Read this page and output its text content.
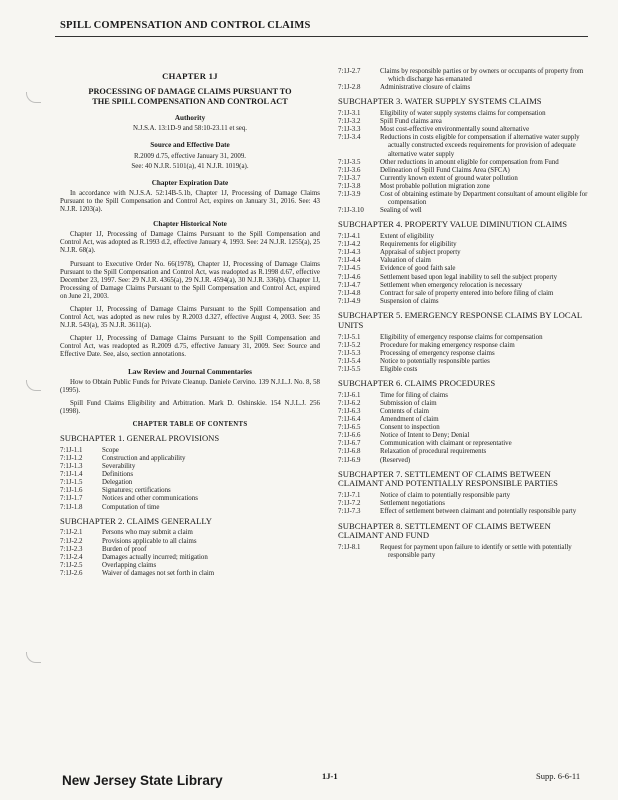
SPILL COMPENSATION AND CONTROL CLAIMS
CHAPTER 1J
PROCESSING OF DAMAGE CLAIMS PURSUANT TO
THE SPILL COMPENSATION AND CONTROL ACT
Authority
N.J.S.A. 13:1D-9 and 58:10-23.11 et seq.
Source and Effective Date
R.2009 d.75, effective January 31, 2009.
See: 40 N.J.R. 5101(a), 41 N.J.R. 1019(a).
Chapter Expiration Date
In accordance with N.J.S.A. 52:14B-5.1b, Chapter 1J, Processing of Damage Claims Pursuant to the Spill Compensation and Control Act, expires on January 31, 2016. See: 43 N.J.R. 1203(a).
Chapter Historical Note
Chapter 1J, Processing of Damage Claims Pursuant to the Spill Compensation and Control Act, was adopted as R.1993 d.2, effective January 4, 1993. See: 24 N.J.R. 1255(a), 25 N.J.R. 68(a).
Pursuant to Executive Order No. 66(1978), Chapter 1J, Processing of Damage Claims Pursuant to the Spill Compensation and Control Act, was readopted as R.1998 d.67, effective December 23, 1997. See: 29 N.J.R. 4365(a), 29 N.J.R. 4594(a), 30 N.J.R. 336(b). Chapter 1J, Processing of Damage Claims Pursuant to the Spill Compensation and Control Act, expired on June 21, 2003.
Chapter 1J, Processing of Damage Claims Pursuant to the Spill Compensation and Control Act, was adopted as new rules by R.2003 d.327, effective August 4, 2003. See: 35 N.J.R. 543(a), 35 N.J.R. 3611(a).
Chapter 1J, Processing of Damage Claims Pursuant to the Spill Compensation and Control Act, was readopted as R.2009 d.75, effective January 31, 2009. See: Source and Effective Date. See, also, section annotations.
Law Review and Journal Commentaries
How to Obtain Public Funds for Private Cleanup. Daniele Cervino. 139 N.J.L.J. No. 8, 58 (1995).
Spill Fund Claims Eligibility and Arbitration. Mark D. Oshinskie. 154 N.J.L.J. 256 (1998).
CHAPTER TABLE OF CONTENTS
SUBCHAPTER 1. GENERAL PROVISIONS
7:1J-1.1	Scope
7:1J-1.2	Construction and applicability
7:1J-1.3	Severability
7:1J-1.4	Definitions
7:1J-1.5	Delegation
7:1J-1.6	Signatures; certifications
7:1J-1.7	Notices and other communications
7:1J-1.8	Computation of time
SUBCHAPTER 2. CLAIMS GENERALLY
7:1J-2.1	Persons who may submit a claim
7:1J-2.2	Provisions applicable to all claims
7:1J-2.3	Burden of proof
7:1J-2.4	Damages actually incurred; mitigation
7:1J-2.5	Overlapping claims
7:1J-2.6	Waiver of damages not set forth in claim
7:1J-2.7	Claims by responsible parties or by owners or occupants of property from which discharge has emanated
7:1J-2.8	Administrative closure of claims
SUBCHAPTER 3. WATER SUPPLY SYSTEMS CLAIMS
7:1J-3.1	Eligibility of water supply systems claims for compensation
7:1J-3.2	Spill Fund claims area
7:1J-3.3	Most cost-effective environmentally sound alternative
7:1J-3.4	Reductions in costs eligible for compensation if alternative water supply actually constructed exceeds requirements for provision of adequate alternative water supply
7:1J-3.5	Other reductions in amount eligible for compensation from Fund
7:1J-3.6	Delineation of Spill Fund Claims Area (SFCA)
7:1J-3.7	Currently known extent of ground water pollution
7:1J-3.8	Most probable pollution migration zone
7:1J-3.9	Cost of obtaining estimate by Department consultant of amount eligible for compensation
7:1J-3.10	Sealing of well
SUBCHAPTER 4. PROPERTY VALUE DIMINUTION CLAIMS
7:1J-4.1	Extent of eligibility
7:1J-4.2	Requirements for eligibility
7:1J-4.3	Appraisal of subject property
7:1J-4.4	Valuation of claim
7:1J-4.5	Evidence of good faith sale
7:1J-4.6	Settlement based upon legal inability to sell the subject property
7:1J-4.7	Settlement when emergency relocation is necessary
7:1J-4.8	Contract for sale of property entered into before filing of claim
7:1J-4.9	Suspension of claims
SUBCHAPTER 5. EMERGENCY RESPONSE CLAIMS BY LOCAL UNITS
7:1J-5.1	Eligibility of emergency response claims for compensation
7:1J-5.2	Procedure for making emergency response claim
7:1J-5.3	Processing of emergency response claims
7:1J-5.4	Notice to potentially responsible parties
7:1J-5.5	Eligible costs
SUBCHAPTER 6. CLAIMS PROCEDURES
7:1J-6.1	Time for filing of claims
7:1J-6.2	Submission of claim
7:1J-6.3	Contents of claim
7:1J-6.4	Amendment of claim
7:1J-6.5	Consent to inspection
7:1J-6.6	Notice of Intent to Deny; Denial
7:1J-6.7	Communication with claimant or representative
7:1J-6.8	Relaxation of procedural requirements
7:1J-6.9	(Reserved)
SUBCHAPTER 7. SETTLEMENT OF CLAIMS BETWEEN CLAIMANT AND POTENTIALLY RESPONSIBLE PARTIES
7:1J-7.1	Notice of claim to potentially responsible party
7:1J-7.2	Settlement negotiations
7:1J-7.3	Effect of settlement between claimant and potentially responsible party
SUBCHAPTER 8. SETTLEMENT OF CLAIMS BETWEEN CLAIMANT AND FUND
7:1J-8.1	Request for payment upon failure to identify or settle with potentially responsible party
New Jersey State Library	1J-1	Supp. 6-6-11
